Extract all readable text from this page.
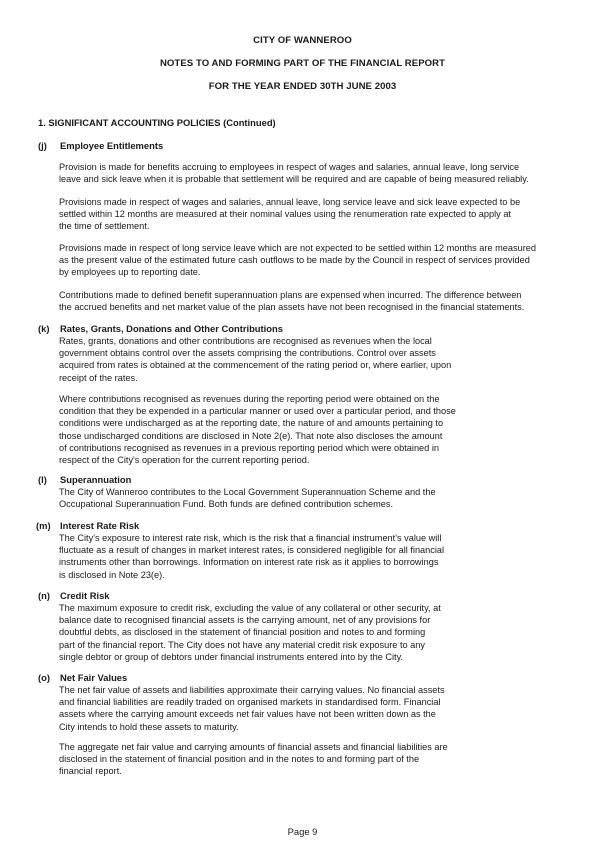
CITY OF WANNEROO
NOTES TO AND FORMING PART OF THE FINANCIAL REPORT
FOR THE YEAR ENDED 30TH JUNE 2003
1. SIGNIFICANT ACCOUNTING POLICIES (Continued)
(j) Employee Entitlements
Provision is made for benefits accruing to employees in respect of wages and salaries, annual leave, long service
leave and sick leave when it is probable that settlement will be required and are capable of being measured reliably.
Provisions made in respect of wages and salaries, annual leave, long service leave and sick leave expected to be
settled within 12 months are measured at their nominal values using the renumeration rate expected to apply at
the time of settlement.
Provisions made in respect of long service leave which are not expected to be settled within 12 months are measured
as the present value of the estimated future cash outflows to be made by the Council in respect of services provided
by employees up to reporting date.
Contributions made to defined benefit superannuation plans are expensed when incurred. The difference between
the accrued benefits and net market value of the plan assets have not been recognised in the financial statements.
(k) Rates, Grants, Donations and Other Contributions
Rates, grants, donations and other contributions are recognised as revenues when the local
government obtains control over the assets comprising the contributions. Control over assets
acquired from rates is obtained at the commencement of the rating period or, where earlier, upon
receipt of the rates.
Where contributions recognised as revenues during the reporting period were obtained on the
condition that they be expended in a particular manner or used over a particular period, and those
conditions were undischarged as at the reporting date, the nature of and amounts pertaining to
those undischarged conditions are disclosed in Note 2(e). That note also discloses the amount
of contributions recognised as revenues in a previous reporting period which were obtained in
respect of the City's operation for the current reporting period.
(l) Superannuation
The City of Wanneroo contributes to the Local Government Superannuation Scheme and the
Occupational Superannuation Fund. Both funds are defined contribution schemes.
(m) Interest Rate Risk
The City's exposure to interest rate risk, which is the risk that a financial instrument's value will
fluctuate as a result of changes in market interest rates, is considered negligible for all financial
instruments other than borrowings. Information on interest rate risk as it applies to borrowings
is disclosed in Note 23(e).
(n) Credit Risk
The maximum exposure to credit risk, excluding the value of any collateral or other security, at
balance date to recognised financial assets is the carrying amount, net of any provisions for
doubtful debts, as disclosed in the statement of financial position and notes to and forming
part of the financial report. The City does not have any material credit risk exposure to any
single debtor or group of debtors under financial instruments entered into by the City.
(o) Net Fair Values
The net fair value of assets and liabilities approximate their carrying values. No financial assets
and financial liabilities are readily traded on organised markets in standardised form. Financial
assets where the carrying amount exceeds net fair values have not been written down as the
City intends to hold these assets to maturity.
The aggregate net fair value and carrying amounts of financial assets and financial liabilities are
disclosed in the statement of financial position and in the notes to and forming part of the
financial report.
Page 9
